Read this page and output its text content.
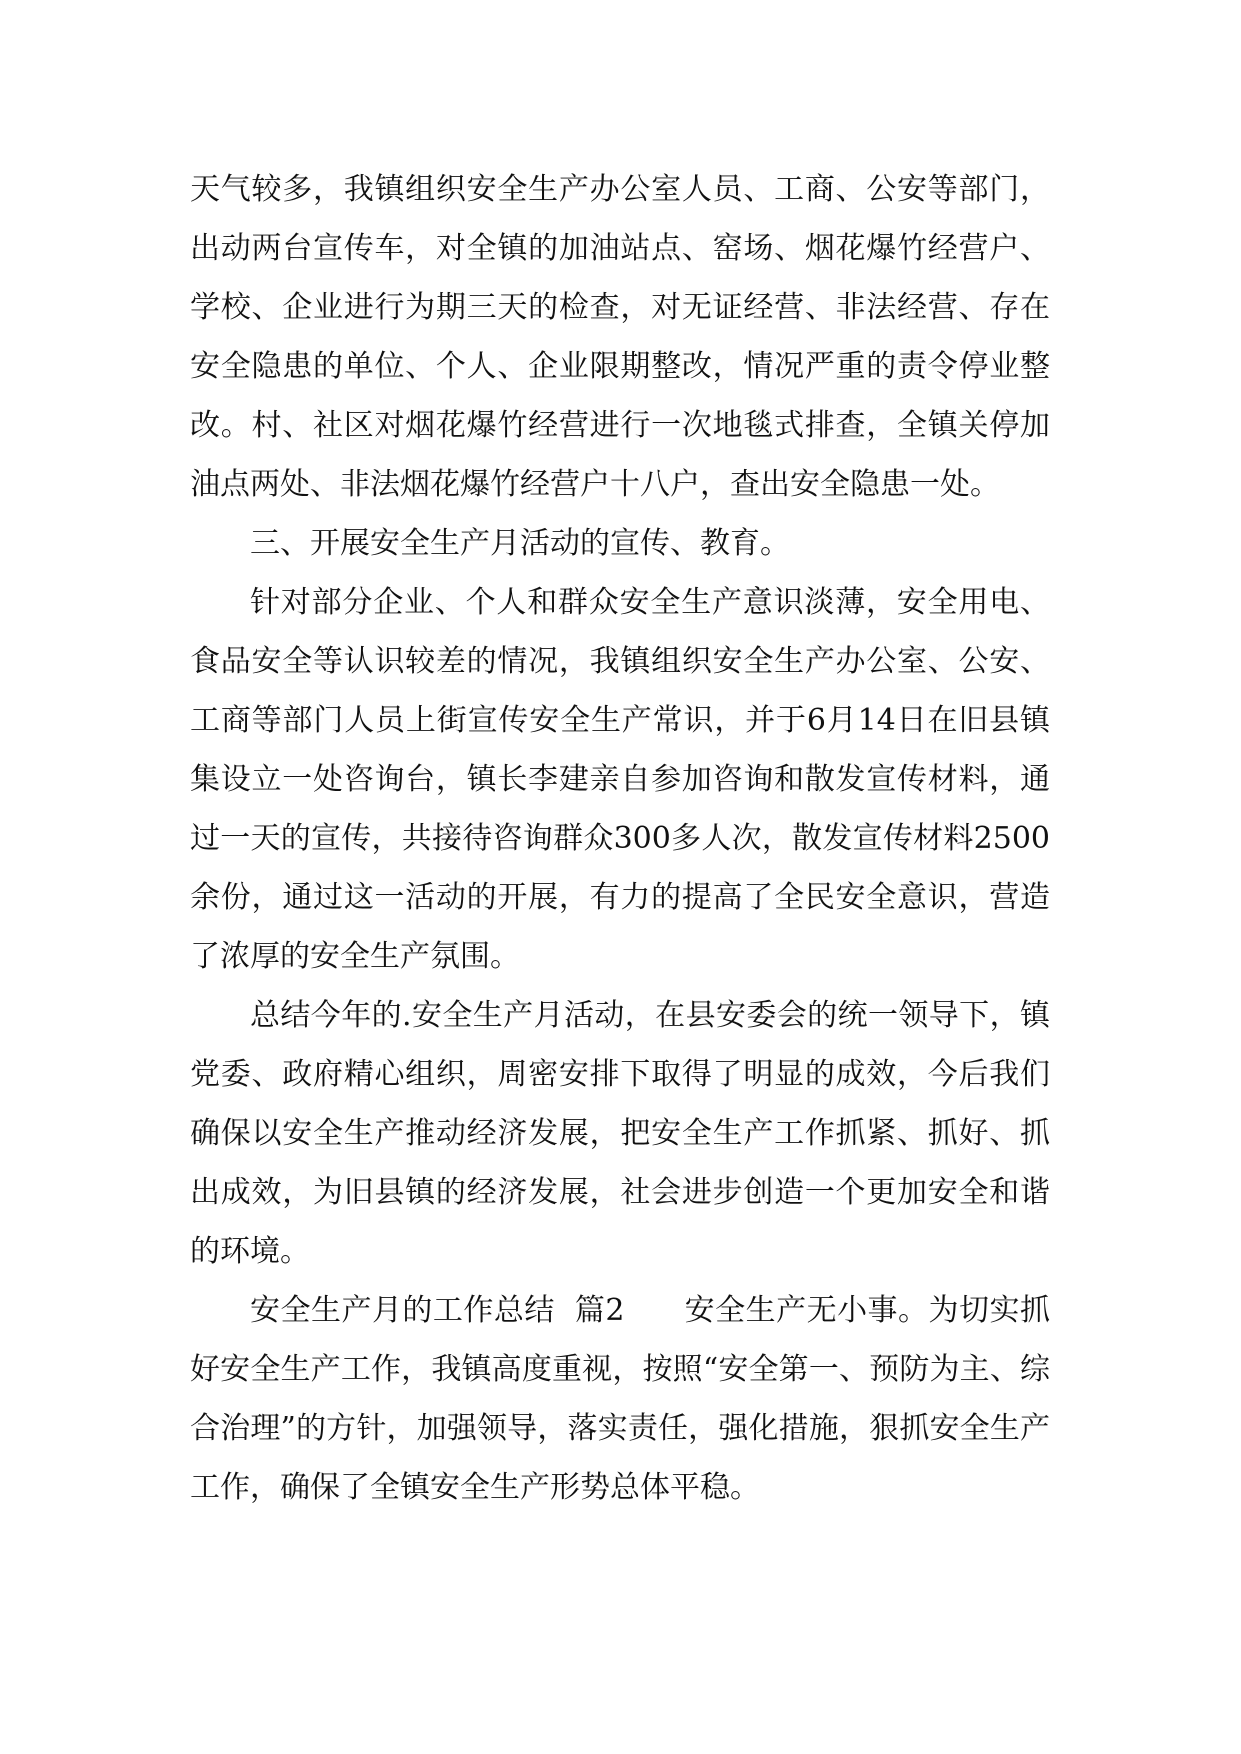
天气较多，我镇组织安全生产办公室人员、工商、公安等部门，出动两台宣传车，对全镇的加油站点、窑场、烟花爆竹经营户、学校、企业进行为期三天的检查，对无证经营、非法经营、存在安全隐患的单位、个人、企业限期整改，情况严重的责令停业整改。村、社区对烟花爆竹经营进行一次地毯式排查，全镇关停加油点两处、非法烟花爆竹经营户十八户，查出安全隐患一处。

三、开展安全生产月活动的宣传、教育。

针对部分企业、个人和群众安全生产意识淡薄，安全用电、食品安全等认识较差的情况，我镇组织安全生产办公室、公安、工商等部门人员上街宣传安全生产常识，并于6月14日在旧县镇集设立一处咨询台，镇长李建亲自参加咨询和散发宣传材料，通过一天的宣传，共接待咨询群众300多人次，散发宣传材料2500余份，通过这一活动的开展，有力的提高了全民安全意识，营造了浓厚的安全生产氛围。

总结今年的.安全生产月活动，在县安委会的统一领导下，镇党委、政府精心组织，周密安排下取得了明显的成效，今后我们确保以安全生产推动经济发展，把安全生产工作抓紧、抓好、抓出成效，为旧县镇的经济发展，社会进步创造一个更加安全和谐的环境。

安全生产月的工作总结  篇2      安全生产无小事。为切实抓好安全生产工作，我镇高度重视，按照“安全第一、预防为主、综合治理”的方针，加强领导，落实责任，强化措施，狠抓安全生产工作，确保了全镇安全生产形势总体平稳。
